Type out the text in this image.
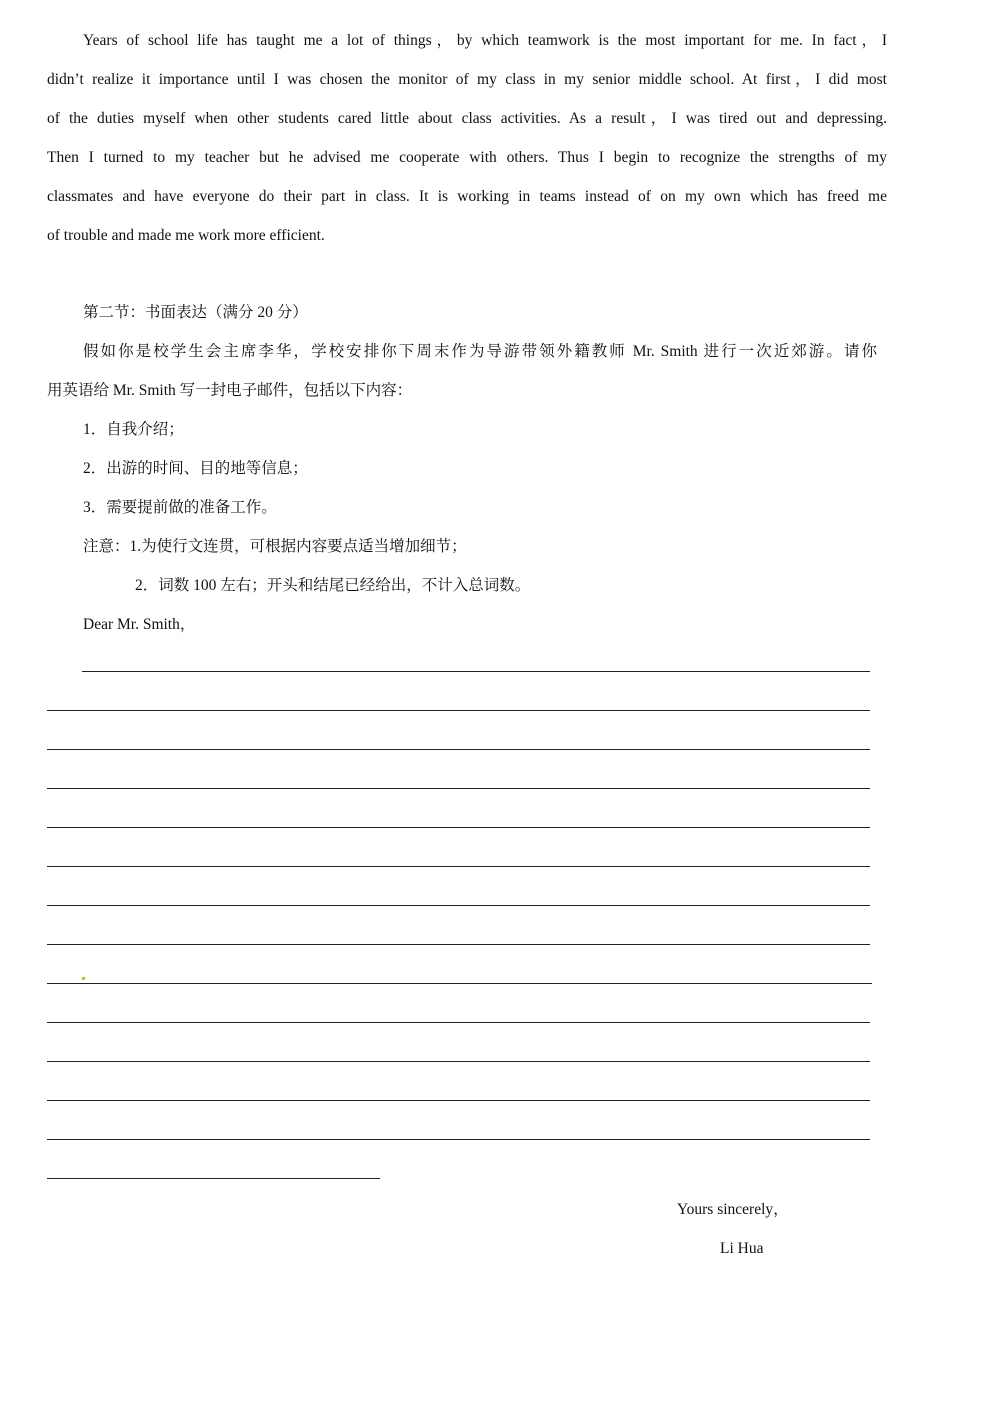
Years of school life has taught me a lot of things，by which teamwork is the most important for me. In fact，I
didn’t realize it importance until I was chosen the monitor of my class in my senior middle school. At first，I did most
of the duties myself when other students cared little about class activities. As a result，I was tired out and depressing.
Then I turned to my teacher but he advised me cooperate with others. Thus I begin to recognize the strengths of my
classmates and have everyone do their part in class. It is working in teams instead of on my own which has freed me
of trouble and made me work more efficient.
第二节：书面表达（满分 20 分）
假如你是校学生会主席李华，学校安排你下周末作为导游带领外籍教师 Mr. Smith 进行一次近郊游。请你
用英语给 Mr. Smith 写一封电子邮件，包括以下内容：
1．自我介绍；
2．出游的时间、目的地等信息；
3．需要提前做的准备工作。
注意：1.为使行文连贯，可根据内容要点适当增加细节；
2．词数 100 左右；开头和结尾已经给出，不计入总词数。
Dear Mr. Smith，
Yours sincerely，
Li Hua
